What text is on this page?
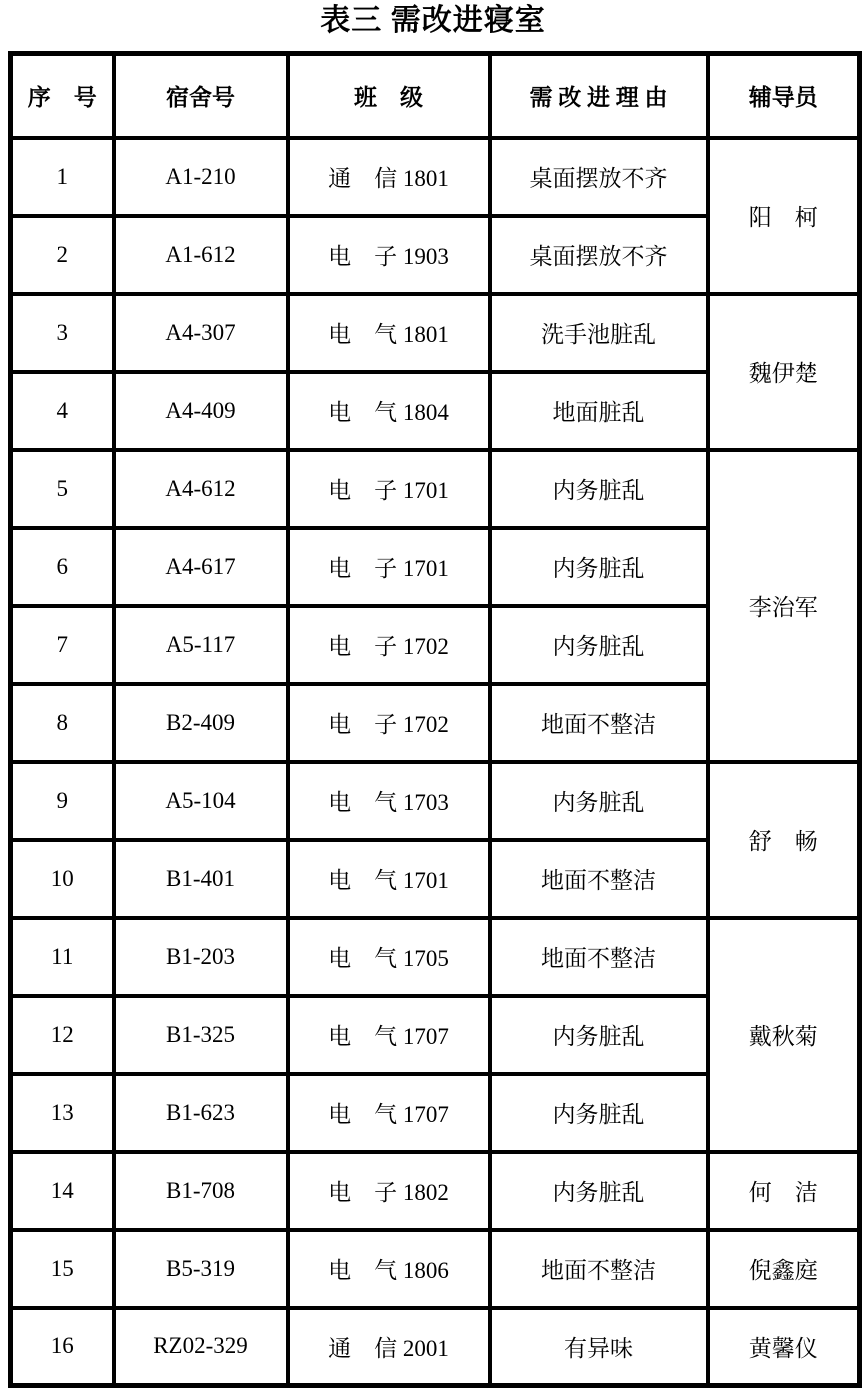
表三 需改进寝室
序　号	宿舍号	班　级	需 改 进 理 由	辅导员
1	A1-210	通　信 1801	桌面摆放不齐	阳　柯
2	A1-612	电　子 1903	桌面摆放不齐	
3	A4-307	电　气 1801	洗手池脏乱	魏伊楚
4	A4-409	电　气 1804	地面脏乱	
5	A4-612	电　子 1701	内务脏乱	李治军
6	A4-617	电　子 1701	内务脏乱	
7	A5-117	电　子 1702	内务脏乱	
8	B2-409	电　子 1702	地面不整洁	
9	A5-104	电　气 1703	内务脏乱	舒　畅
10	B1-401	电　气 1701	地面不整洁	
11	B1-203	电　气 1705	地面不整洁	戴秋菊
12	B1-325	电　气 1707	内务脏乱	
13	B1-623	电　气 1707	内务脏乱	
14	B1-708	电　子 1802	内务脏乱	何　洁
15	B5-319	电　气 1806	地面不整洁	倪鑫庭
16	RZ02-329	通　信 2001	有异味	黄馨仪
